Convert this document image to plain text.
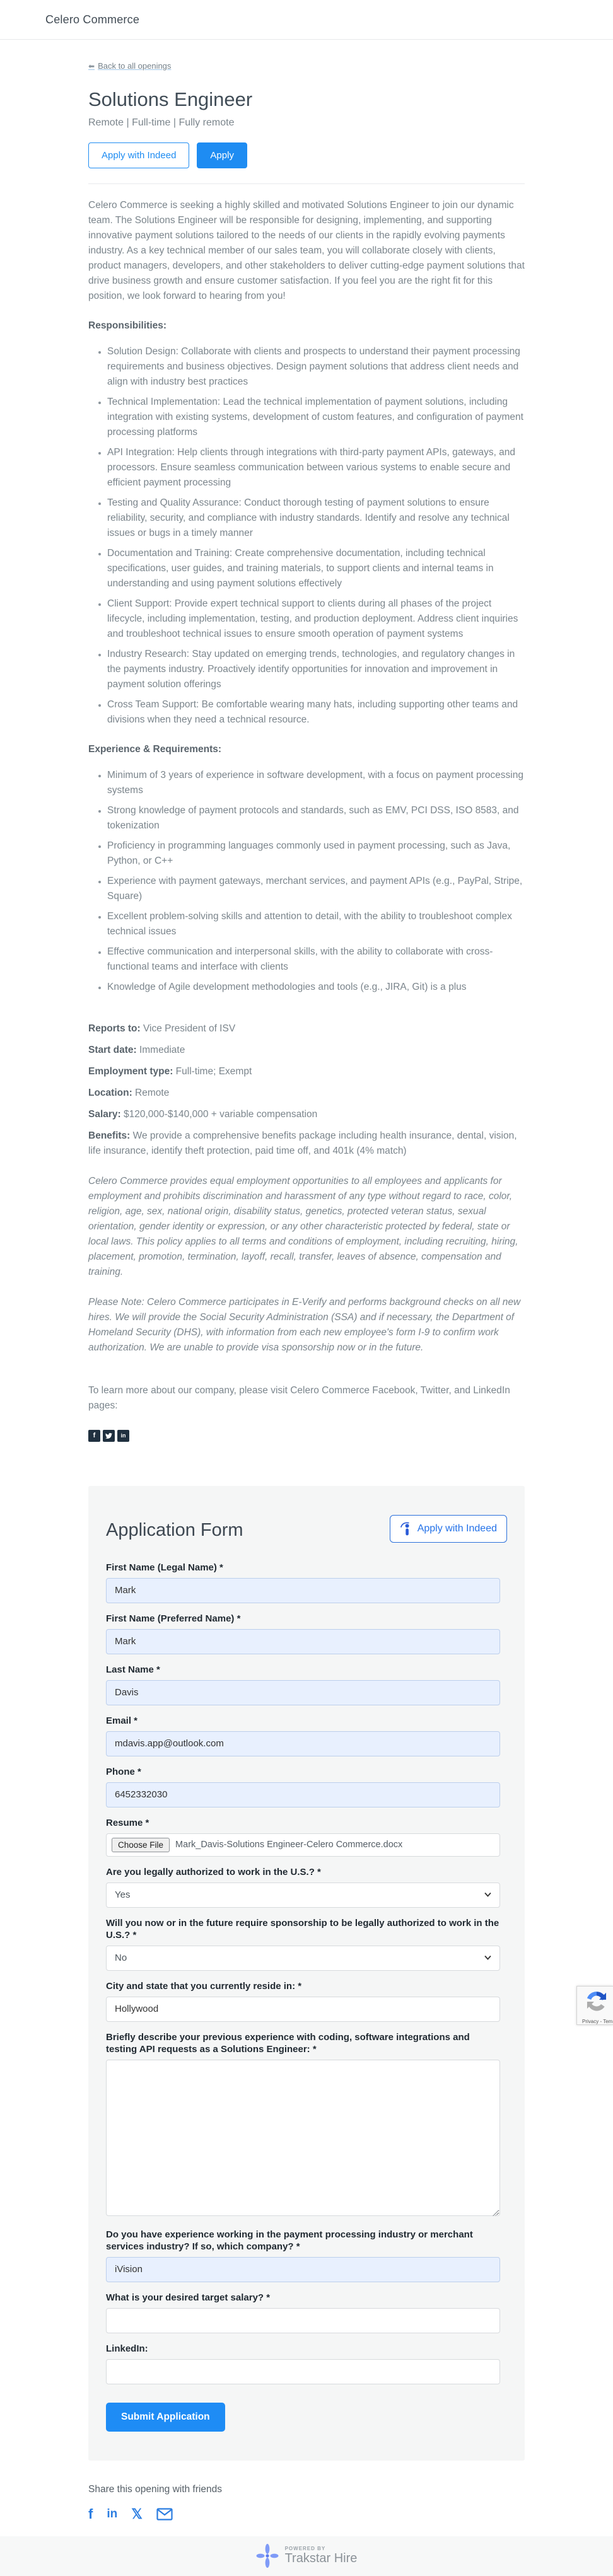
Celero Commerce
⬅ Back to all openings
Solutions Engineer
Remote | Full-time | Fully remote
Apply with Indeed	Apply

Celero Commerce is seeking a highly skilled and motivated Solutions Engineer to join our dynamic team. The Solutions Engineer will be responsible for designing, implementing, and supporting innovative payment solutions tailored to the needs of our clients in the rapidly evolving payments industry. As a key technical member of our sales team, you will collaborate closely with clients, product managers, developers, and other stakeholders to deliver cutting-edge payment solutions that drive business growth and ensure customer satisfaction. If you feel you are the right fit for this position, we look forward to hearing from you!

Responsibilities:
• Solution Design: Collaborate with clients and prospects to understand their payment processing requirements and business objectives. Design payment solutions that address client needs and align with industry best practices
• Technical Implementation: Lead the technical implementation of payment solutions, including integration with existing systems, development of custom features, and configuration of payment processing platforms
• API Integration: Help clients through integrations with third-party payment APIs, gateways, and processors. Ensure seamless communication between various systems to enable secure and efficient payment processing
• Testing and Quality Assurance: Conduct thorough testing of payment solutions to ensure reliability, security, and compliance with industry standards. Identify and resolve any technical issues or bugs in a timely manner
• Documentation and Training: Create comprehensive documentation, including technical specifications, user guides, and training materials, to support clients and internal teams in understanding and using payment solutions effectively
• Client Support: Provide expert technical support to clients during all phases of the project lifecycle, including implementation, testing, and production deployment. Address client inquiries and troubleshoot technical issues to ensure smooth operation of payment systems
• Industry Research: Stay updated on emerging trends, technologies, and regulatory changes in the payments industry. Proactively identify opportunities for innovation and improvement in payment solution offerings
• Cross Team Support: Be comfortable wearing many hats, including supporting other teams and divisions when they need a technical resource.
Experience & Requirements:
• Minimum of 3 years of experience in software development, with a focus on payment processing systems
• Strong knowledge of payment protocols and standards, such as EMV, PCI DSS, ISO 8583, and tokenization
• Proficiency in programming languages commonly used in payment processing, such as Java, Python, or C++
• Experience with payment gateways, merchant services, and payment APIs (e.g., PayPal, Stripe, Square)
• Excellent problem-solving skills and attention to detail, with the ability to troubleshoot complex technical issues
• Effective communication and interpersonal skills, with the ability to collaborate with cross-functional teams and interface with clients
• Knowledge of Agile development methodologies and tools (e.g., JIRA, Git) is a plus

Reports to: Vice President of ISV

Start date: Immediate

Employment type: Full-time; Exempt

Location: Remote

Salary: $120,000-$140,000 + variable compensation

Benefits: We provide a comprehensive benefits package including health insurance, dental, vision, life insurance, identify theft protection, paid time off, and 401k (4% match)

Celero Commerce provides equal employment opportunities to all employees and applicants for employment and prohibits discrimination and harassment of any type without regard to race, color, religion, age, sex, national origin, disability status, genetics, protected veteran status, sexual orientation, gender identity or expression, or any other characteristic protected by federal, state or local laws. This policy applies to all terms and conditions of employment, including recruiting, hiring, placement, promotion, termination, layoff, recall, transfer, leaves of absence, compensation and training.

Please Note: Celero Commerce participates in E-Verify and performs background checks on all new hires. We will provide the Social Security Administration (SSA) and if necessary, the Department of Homeland Security (DHS), with information from each new employee's form I-9 to confirm work authorization. We are unable to provide visa sponsorship now or in the future.

To learn more about our company, please visit Celero Commerce Facebook, Twitter, and LinkedIn pages:

f	in
Application Form	Apply with Indeed
First Name (Legal Name) *
Mark
First Name (Preferred Name) *
Mark
Last Name *
Davis
Email *
mdavis.app@outlook.com
Phone *
6452332030
Resume *
Choose File	Mark_Davis-Solutions Engineer-Celero Commerce.docx
Are you legally authorized to work in the U.S.? *
Yes
Will you now or in the future require sponsorship to be legally authorized to work in the U.S.? *
No
City and state that you currently reside in: *
Hollywood
Briefly describe your previous experience with coding, software integrations and testing API requests as a Solutions Engineer: *
Do you have experience working in the payment processing industry or merchant services industry? If so, which company? *
iVision
What is your desired target salary? *
LinkedIn:
Submit Application

Share this opening with friends

f in 𝕏
POWERED BY
Trakstar Hire
Privacy - Tem
